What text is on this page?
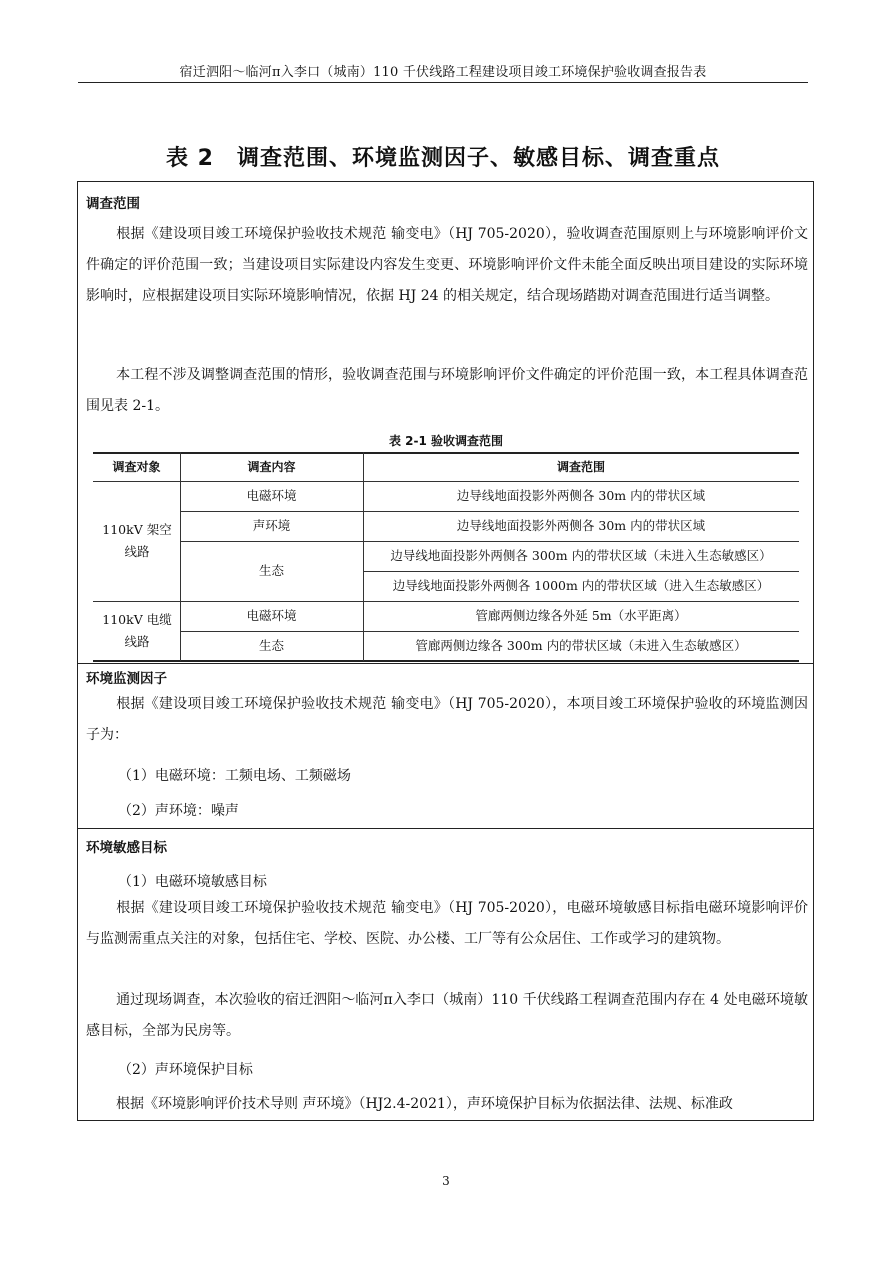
宿迁泗阳～临河π入李口（城南）110 千伏线路工程建设项目竣工环境保护验收调查报告表
表 2　调查范围、环境监测因子、敏感目标、调查重点
调查范围
根据《建设项目竣工环境保护验收技术规范 输变电》（HJ 705-2020），验收调查范围原则上与环境影响评价文件确定的评价范围一致；当建设项目实际建设内容发生变更、环境影响评价文件未能全面反映出项目建设的实际环境影响时，应根据建设项目实际环境影响情况，依据 HJ 24 的相关规定，结合现场踏勘对调查范围进行适当调整。
本工程不涉及调整调查范围的情形，验收调查范围与环境影响评价文件确定的评价范围一致，本工程具体调查范围见表 2-1。
表 2-1 验收调查范围
调查对象	调查内容	调查范围
110kV 架空线路
110kV 电缆线路
电磁环境
声环境
生态
电磁环境
生态
边导线地面投影外两侧各 30m 内的带状区域
边导线地面投影外两侧各 30m 内的带状区域
边导线地面投影外两侧各 300m 内的带状区域（未进入生态敏感区）
边导线地面投影外两侧各 1000m 内的带状区域（进入生态敏感区）
管廊两侧边缘各外延 5m（水平距离）
管廊两侧边缘各 300m 内的带状区域（未进入生态敏感区）
环境监测因子
根据《建设项目竣工环境保护验收技术规范 输变电》（HJ 705-2020），本项目竣工环境保护验收的环境监测因子为：
（1）电磁环境：工频电场、工频磁场
（2）声环境：噪声
环境敏感目标
（1）电磁环境敏感目标
根据《建设项目竣工环境保护验收技术规范 输变电》（HJ 705-2020），电磁环境敏感目标指电磁环境影响评价与监测需重点关注的对象，包括住宅、学校、医院、办公楼、工厂等有公众居住、工作或学习的建筑物。
通过现场调查，本次验收的宿迁泗阳～临河π入李口（城南）110 千伏线路工程调查范围内存在 4 处电磁环境敏感目标，全部为民房等。
（2）声环境保护目标
根据《环境影响评价技术导则 声环境》（HJ2.4-2021），声环境保护目标为依据法律、法规、标准政
3
